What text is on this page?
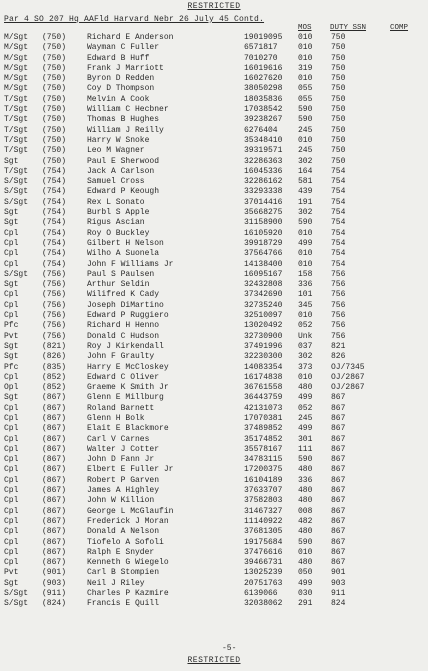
RESTRICTED
Par 4 SO 207 Hq AAFld Harvard Nebr 26 July 45 Contd.
MOS DUTY SSN	COMP
M/Sgt (750)	Richard E Anderson	19019095 010 750
M/Sgt (750)	Wayman C Fuller	6571817	010 750
M/Sgt (750)	Edward B Huff	7010270	010 750
M/Sgt (750)	Frank J Marriott	16019616 319 750
M/Sgt (750)	Byron D Redden	16027620 010 750
M/Sgt (750)	Coy D Thompson	38050298 055 750
T/Sgt (750)	Melvin A Cook	18035836 055 750
T/Sgt (750)	William C Hecbner	17038542 590 750
T/Sgt (750)	Thomas B Hughes	39238267 590 750
T/Sgt (750)	William J Reilly	6276404	245 750
T/Sgt (750)	Harry W Snoke	35348410 010 750
T/Sgt (750)	Leo M Wagner	39319571 245 750
Sgt	(750)	Paul E Sherwood	32286363 302 750
T/Sgt (754)	Jack A Carlson	16045336 164 754
S/Sgt (754)	Samuel Cross	32286162 581 754
S/Sgt (754)	Edward P Keough	33293338 439 754
S/Sgt (754)	Rex L Sonato	37014416 191 754
Sgt	(754)	Burbl S Apple	35668275 302 754
Sgt	(754)	Rigus Ascian	31158900 590 754
Cpl	(754)	Roy O Buckley	16105920 010 754
Cpl	(754)	Gilbert H Nelson	39918729 499 754
Cpl	(754)	Wilho A Suonela	37564766 010 754
Cpl	(754)	John F Williams Jr	14138400 010 754
S/Sgt (756)	Paul S Paulsen	16095167 158 756
Sgt	(756)	Arthur Seldin	32432808 336 756
Cpl	(756)	Wilifred K Cady	37342690 101 756
Cpl	(756)	Joseph DiMartino	32735240 345 756
Cpl	(756)	Edward P Ruggiero	32510097 010 756
Pfc	(756)	Richard H Henno	13020492 052 756
Pvt	(756)	Donald C Hudson	32730900 Unk 756
Sgt	(821)	Roy J Kirkendall	37491996 037 821
Sgt	(826)	John F Graulty	32230300 302 826
Pfc	(835)	Harry E McCloskey	14083354 373 OJ/7345
Cpl	(852)	Edward C Oliver	16174838 010 OJ/2867
Opl	(852)	Graeme K Smith Jr	36761558 480 OJ/2867
Sgt	(867)	Glenn E Millburg	36443759 499 867
Cpl	(867)	Roland Barnett	42131073 052 867
Cpl	(867)	Glenn H Bolk	17070381 245 867
Cpl	(867)	Elait E Blackmore	37489852 499 867
Cpl	(867)	Carl V Carnes	35174852 301 867
Cpl	(867)	Walter J Cotter	35578167 111 867
Cpl	(867)	John D Fann Jr	34783115 590 867
Cpl	(867)	Elbert E Fuller Jr	17200375 480 867
Cpl	(867)	Robert P Garven	16104189 336 867
Cpl	(867)	James A Highley	37633707 480 867
Cpl	(867)	John W Killion	37582803 480 867
Cpl	(867)	George L McGlaufin	31467327 008 867
Cpl	(867)	Frederick J Moran	11140922 482 867
Cpl	(867)	Donald A Nelson	37681305 480 867
Cpl	(867)	Tiofelo A Sofoli	19175684 590 867
Cpl	(867)	Ralph E Snyder	37476616 010 867
Cpl	(867)	Kenneth G Wiegelo	39466731 480 867
Pvt	(901)	Carl B Stompien	13025239 050 901
Sgt	(903)	Neil J Riley	20751763 499 903
S/Sgt (911)	Charles P Kazmire	6139066	030 911
S/Sgt (824)	Francis E Quill	32038062 291 824
-5-
RESTRICTED
